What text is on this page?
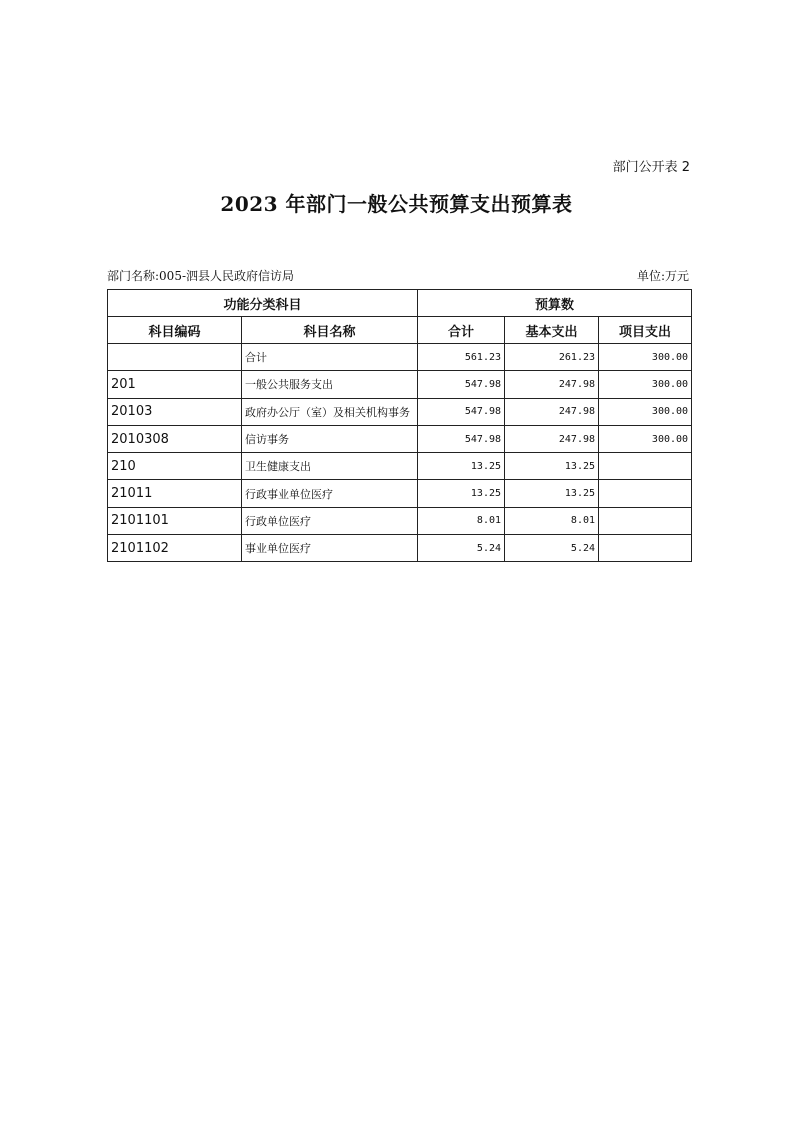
部门公开表 2
2023 年部门一般公共预算支出预算表
部门名称:005-泗县人民政府信访局	单位:万元
功能分类科目		预算数		
科目编码	科目名称	合计	基本支出	项目支出
	合计	561.23	261.23	300.00
201	一般公共服务支出	547.98	247.98	300.00
20103	政府办公厅（室）及相关机构事务	547.98	247.98	300.00
2010308	信访事务	547.98	247.98	300.00
210	卫生健康支出	13.25	13.25	
21011	行政事业单位医疗	13.25	13.25	
2101101	行政单位医疗	8.01	8.01	
2101102	事业单位医疗	5.24	5.24	
